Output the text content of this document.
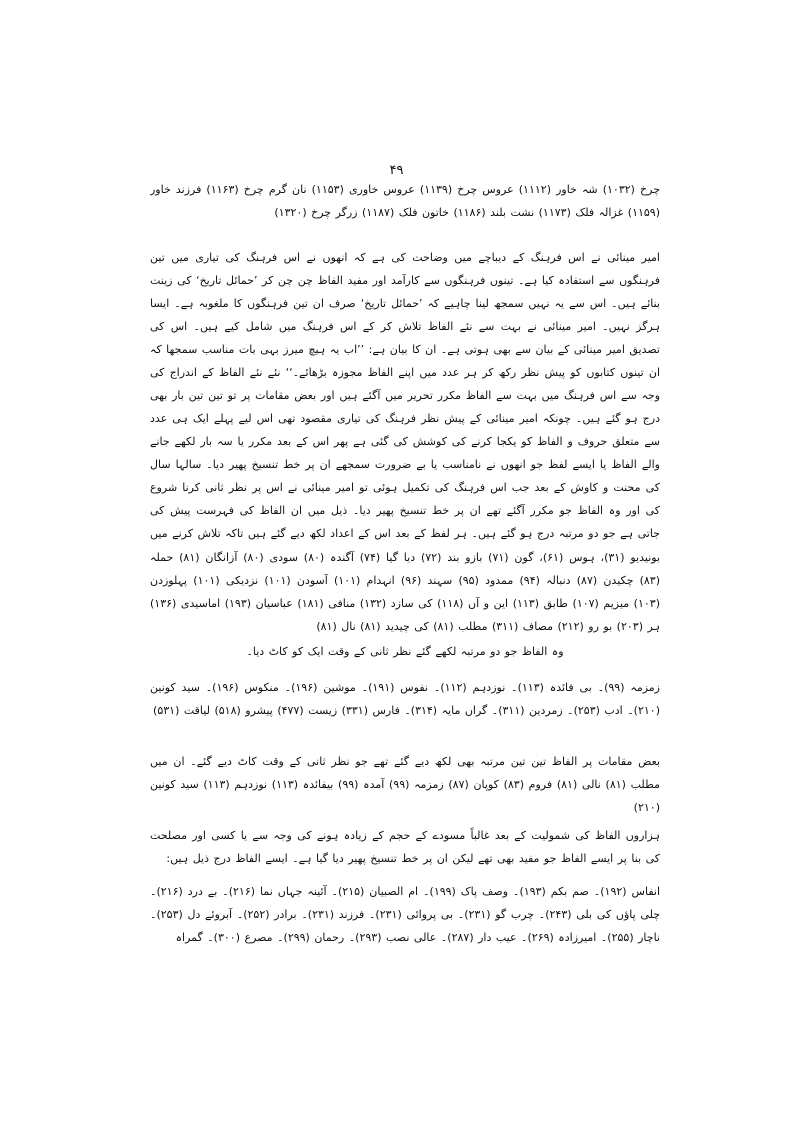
۴۹
چرخ (۱۰۳۲) شہ خاور (۱۱۱۲) عروس چرخ (۱۱۳۹) عروس خاوری (۱۱۵۳) نان گرم چرخ (۱۱۶۳) فرزند خاور (۱۱۵۹) غزالہ فلک (۱۱۷۳) نشت بلند (۱۱۸۶) خاتون فلک (۱۱۸۷) زرگر چرخ (۱۳۲۰)
امیر مینائی نے اس فرہنگ کے دیباچے میں وضاحت کی ہے کہ انھوں نے اس فرہنگ کی تیاری میں تین فرہنگوں سے استفادہ کیا ہے۔ تینوں فرہنگوں سے کارآمد اور مفید الفاظ چن چن کر ’حمائل تاریخ‘ کی زینت بنائے ہیں۔ اس سے یہ نہیں سمجھ لینا چاہیے کہ ’حمائل تاریخ‘ صرف ان تین فرہنگوں کا ملغوبہ ہے۔ ایسا ہرگز نہیں۔ امیر مینائی نے بہت سے نئے الفاظ تلاش کر کے اس فرہنگ میں شامل کیے ہیں۔ اس کی تصدیق امیر مینائی کے بیان سے بھی ہوتی ہے۔ ان کا بیان ہے: ’’اب یہ ہیچ میرز بہی بات مناسب سمجھا کہ ان تینوں کتابوں کو پیش نظر رکھ کر ہر عدد میں اپنے الفاظ مجوزہ بڑھائے۔‘‘ نئے نئے الفاظ کے اندراج کی وجہ سے اس فرہنگ میں بہت سے الفاظ مکرر تحریر میں آگئے ہیں اور بعض مقامات پر تو تین تین بار بھی درج ہو گئے ہیں۔ چونکہ امیر مینائی کے پیش نظر فرہنگ کی تیاری مقصود تھی اس لیے پہلے ایک ہی عدد سے متعلق حروف و الفاظ کو یکجا کرنے کی کوشش کی گئی ہے پھر اس کے بعد مکرر یا سہ بار لکھے جانے والے الفاظ یا ایسے لفظ جو انھوں نے نامناسب یا بے ضرورت سمجھے ان پر خط تنسیخ پھیر دیا۔ سالہا سال کی محنت و کاوش کے بعد جب اس فرہنگ کی تکمیل ہوئی تو امیر مینائی نے اس پر نظر ثانی کرنا شروع کی اور وہ الفاظ جو مکرر آگئے تھے ان پر خط تنسیخ پھیر دیا۔ ذیل میں ان الفاظ کی فہرست پیش کی جاتی ہے جو دو مرتبہ درج ہو گئے ہیں۔ ہر لفظ کے بعد اس کے اعداد لکھ دیے گئے ہیں تاکہ تلاش کرنے میں
بونیدیو (۳۱)، ہوس (۶۱)، گون (۷۱) بازو بند (۷۲) دیا گیا (۷۴) آگندہ (۸۰) سودی (۸۰) آزانگان (۸۱) حملہ (۸۳) چکیدن (۸۷) دنبالہ (۹۴) ممدود (۹۵) سہند (۹۶) انہدام (۱۰۱) آسودن (۱۰۱) نزدیکی (۱۰۱) پہلوزدن (۱۰۳) میزیم (۱۰۷) طابق (۱۱۳) این و آں (۱۱۸) کی سازد (۱۳۲) منافی (۱۸۱) عباسیان (۱۹۳) اماسیدی (۱۳۶) ہر (۲۰۳) بو رو (۲۱۲) مصاف (۳۱۱) مطلب (۸۱) کی چیدید (۸۱) نال (۸۱)
وہ الفاظ جو دو مرتبہ لکھے گئے نظر ثانی کے وقت ایک کو کاٹ دیا۔
زمزمہ (۹۹)۔ بی فائدہ (۱۱۳)۔ نوزدہم (۱۱۲)۔ نفوس (۱۹۱)۔ موشین (۱۹۶)۔ منکوس (۱۹۶)۔ سید کونین (۲۱۰)۔ ادب (۲۵۳)۔ زمردین (۳۱۱)۔ گراں مایہ (۳۱۴)۔ فارس (۳۳۱) زیست (۴۷۷) پیشرو (۵۱۸) لیاقت (۵۳۱)
بعض مقامات پر الفاظ تین تین مرتبہ بھی لکھ دیے گئے تھے جو نظر ثانی کے وقت کاٹ دیے گئے۔ ان میں مطلب (۸۱) نالی (۸۱) فروم (۸۳) کوپان (۸۷) زمزمہ (۹۹) آمدہ (۹۹) بیفائدہ (۱۱۳) نوزدہم (۱۱۳) سید کونین (۲۱۰)
ہزاروں الفاظ کی شمولیت کے بعد غالباً مسودے کے حجم کے زیادہ ہونے کی وجہ سے یا کسی اور مصلحت کی بنا پر ایسے الفاظ جو مفید بھی تھے لیکن ان پر خط تنسیخ پھیر دیا گیا ہے۔ ایسے الفاظ درج ذیل ہیں:
انفاس (۱۹۲)۔ صم بکم (۱۹۳)۔ وصف پاک (۱۹۹)۔ ام الصبیان (۲۱۵)۔ آئینہ جہاں نما (۲۱۶)۔ بے درد (۲۱۶)۔ چلی پاؤں کی بلی (۲۴۳)۔ چرب گو (۲۳۱)۔ بی پروائی (۲۳۱)۔ فرزند (۲۳۱)۔ برادر (۲۵۲)۔ آبروئے دل (۲۵۳)۔ ناچار (۲۵۵)۔ امیرزادہ (۲۶۹)۔ عیب دار (۲۸۷)۔ عالی نصب (۲۹۳)۔ رحمان (۲۹۹)۔ مصرع (۳۰۰)۔ گمراہ
